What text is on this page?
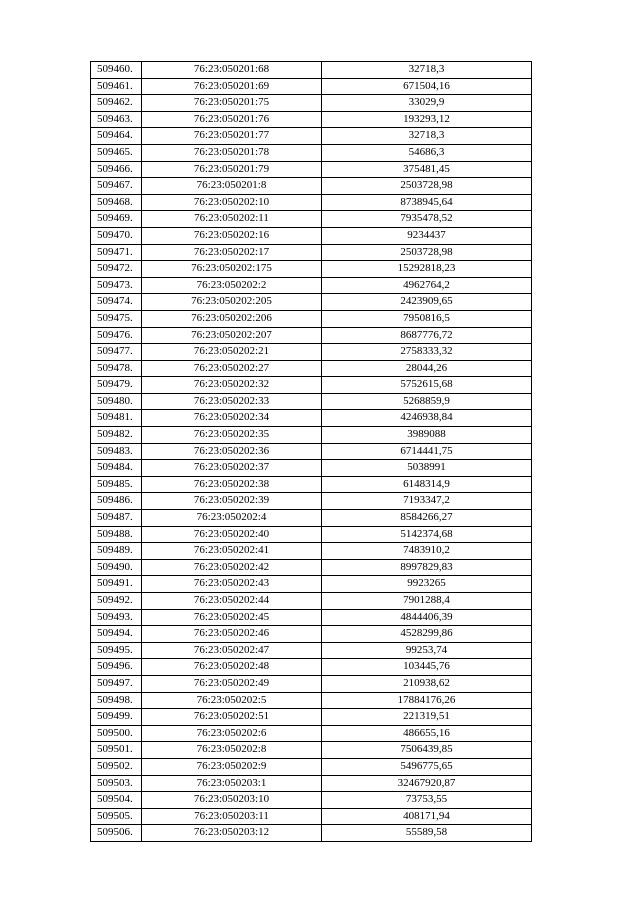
509460.	76:23:050201:68	32718,3
509461.	76:23:050201:69	671504,16
509462.	76:23:050201:75	33029,9
509463.	76:23:050201:76	193293,12
509464.	76:23:050201:77	32718,3
509465.	76:23:050201:78	54686,3
509466.	76:23:050201:79	375481,45
509467.	76:23:050201:8	2503728,98
509468.	76:23:050202:10	8738945,64
509469.	76:23:050202:11	7935478,52
509470.	76:23:050202:16	9234437
509471.	76:23:050202:17	2503728,98
509472.	76:23:050202:175	15292818,23
509473.	76:23:050202:2	4962764,2
509474.	76:23:050202:205	2423909,65
509475.	76:23:050202:206	7950816,5
509476.	76:23:050202:207	8687776,72
509477.	76:23:050202:21	2758333,32
509478.	76:23:050202:27	28044,26
509479.	76:23:050202:32	5752615,68
509480.	76:23:050202:33	5268859,9
509481.	76:23:050202:34	4246938,84
509482.	76:23:050202:35	3989088
509483.	76:23:050202:36	6714441,75
509484.	76:23:050202:37	5038991
509485.	76:23:050202:38	6148314,9
509486.	76:23:050202:39	7193347,2
509487.	76:23:050202:4	8584266,27
509488.	76:23:050202:40	5142374,68
509489.	76:23:050202:41	7483910,2
509490.	76:23:050202:42	8997829,83
509491.	76:23:050202:43	9923265
509492.	76:23:050202:44	7901288,4
509493.	76:23:050202:45	4844406,39
509494.	76:23:050202:46	4528299,86
509495.	76:23:050202:47	99253,74
509496.	76:23:050202:48	103445,76
509497.	76:23:050202:49	210938,62
509498.	76:23:050202:5	17884176,26
509499.	76:23:050202:51	221319,51
509500.	76:23:050202:6	486655,16
509501.	76:23:050202:8	7506439,85
509502.	76:23:050202:9	5496775,65
509503.	76:23:050203:1	32467920,87
509504.	76:23:050203:10	73753,55
509505.	76:23:050203:11	408171,94
509506.	76:23:050203:12	55589,58
